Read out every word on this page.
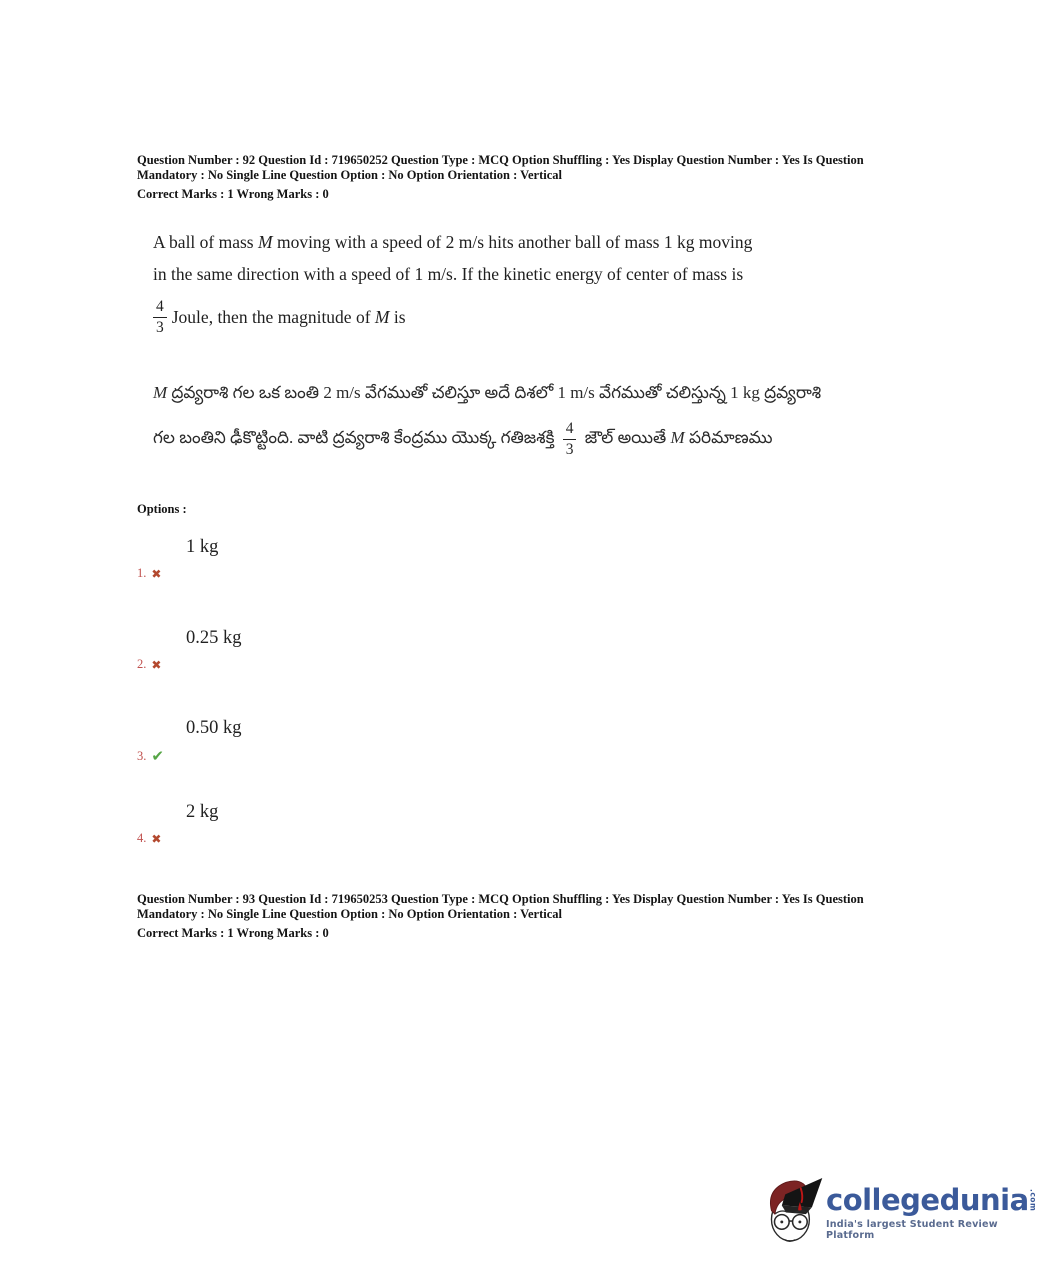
Question Number : 92 Question Id : 719650252 Question Type : MCQ Option Shuffling : Yes Display Question Number : Yes Is Question
Mandatory : No Single Line Question Option : No Option Orientation : Vertical
Correct Marks : 1 Wrong Marks : 0
A ball of mass M moving with a speed of 2 m/s hits another ball of mass 1 kg moving
in the same direction with a speed of 1 m/s. If the kinetic energy of center of mass is
$\frac{4}{3}$ Joule, then the magnitude of M is
M ద్రవ్యరాశి గల ఒక బంతి 2 m/s వేగముతో చలిస్తూ అదే దిశలో 1 m/s వేగముతో చలిస్తున్న 1 kg ద్రవ్యరాశి గల బంతిని ఢీకొట్టింది. వాటి ద్రవ్యరాశి కేంద్రము యొక్క గతిజశక్తి $\frac{4}{3}$ జౌల్ అయితే M పరిమాణము
Options :
1 kg
1. ✖
0.25 kg
2. ✖
0.50 kg
3. ✔
2 kg
4. ✖
Question Number : 93 Question Id : 719650253 Question Type : MCQ Option Shuffling : Yes Display Question Number : Yes Is Question
Mandatory : No Single Line Question Option : No Option Orientation : Vertical
Correct Marks : 1 Wrong Marks : 0
collegedunia .com
India's largest Student Review Platform
